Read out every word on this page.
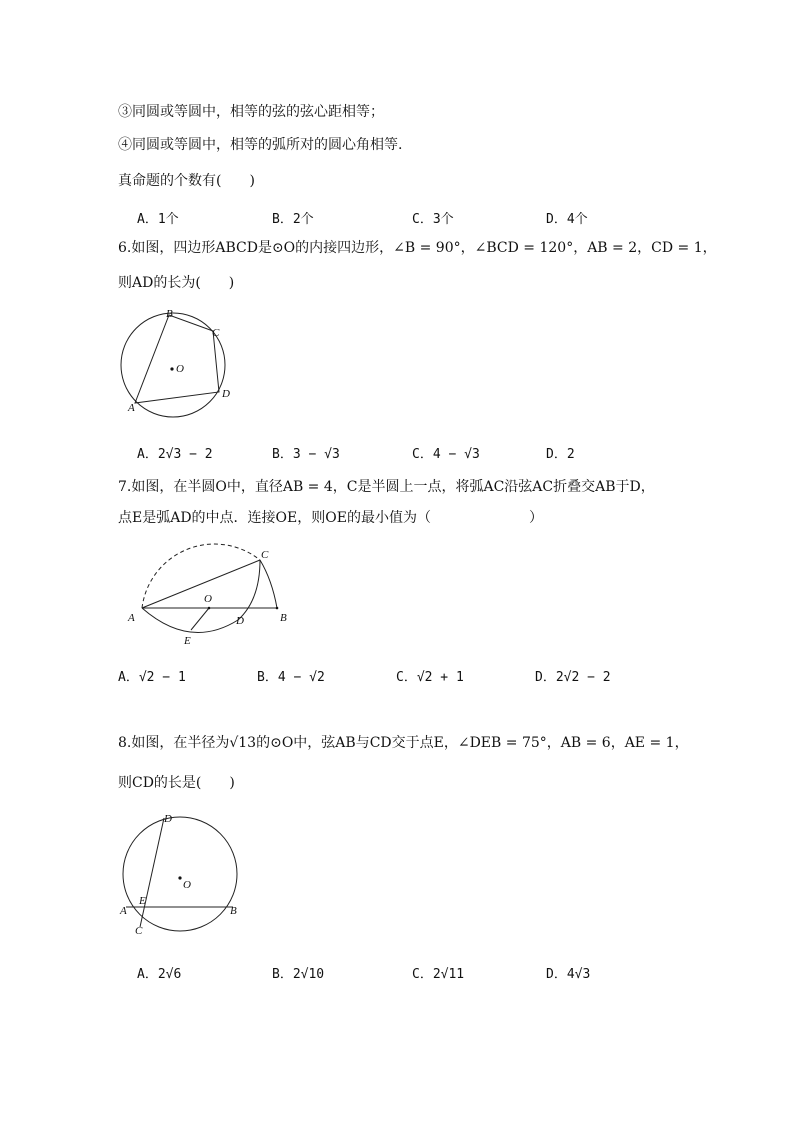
③同圆或等圆中，相等的弦的弦心距相等；
④同圆或等圆中，相等的弧所对的圆心角相等.
真命题的个数有(　　)
A．1个	B．2个	C．3个	D．4个
6.如图，四边形ABCD是⊙O的内接四边形，∠B = 90°，∠BCD = 120°，AB = 2，CD = 1，
则AD的长为(　　)
O
B
C
D
A
A．2√3 − 2	B．3 − √3	C．4 − √3	D．2
7.如图，在半圆O中，直径AB = 4，C是半圆上一点，将弧AC沿弦AC折叠交AB于D，
点E是弧AD的中点．连接OE，则OE的最小值为（　　　　　　　）
A	B
C
D
E
O
A．√2 − 1	B．4 − √2	C．√2 + 1	D．2√2 − 2
8.如图，在半径为√13的⊙O中，弦AB与CD交于点E，∠DEB = 75°，AB = 6，AE = 1，
则CD的长是(　　)
O
D
A
E
B
C
A．2√6	B．2√10	C．2√11	D．4√3
